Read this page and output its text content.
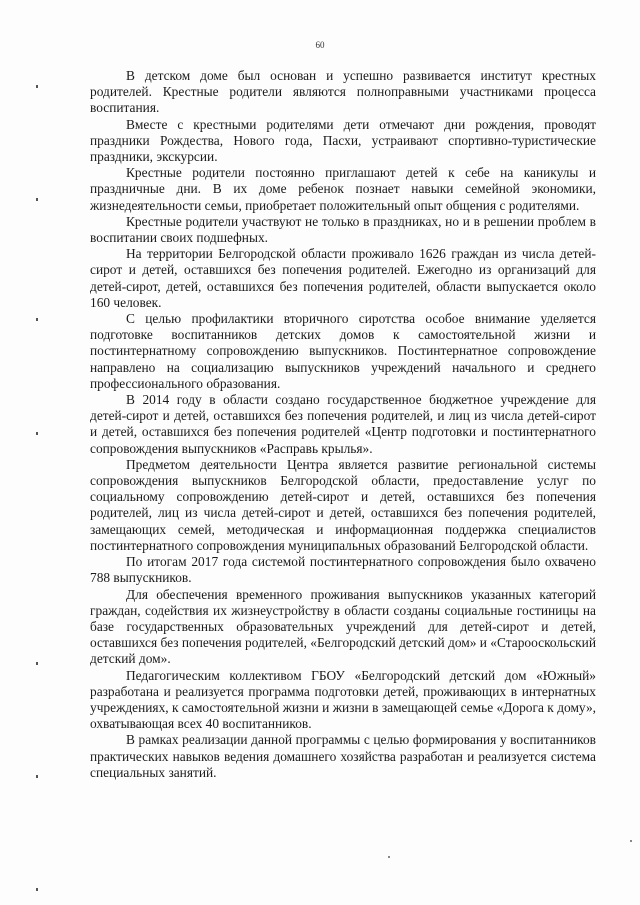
60

В детском доме был основан и успешно развивается институт крестных родителей. Крестные родители являются полноправными участниками процесса воспитания.

Вместе с крестными родителями дети отмечают дни рождения, проводят праздники Рождества, Нового года, Пасхи, устраивают спортивно-туристические праздники, экскурсии.

Крестные родители постоянно приглашают детей к себе на каникулы и праздничные дни. В их доме ребенок познает навыки семейной экономики, жизнедеятельности семьи, приобретает положительный опыт общения с родителями.

Крестные родители участвуют не только в праздниках, но и в решении проблем в воспитании своих подшефных.

На территории Белгородской области проживало 1626 граждан из числа детей-сирот и детей, оставшихся без попечения родителей. Ежегодно из организаций для детей-сирот, детей, оставшихся без попечения родителей, области выпускается около 160 человек.

С целью профилактики вторичного сиротства особое внимание уделяется подготовке воспитанников детских домов к самостоятельной жизни и постинтернатному сопровождению выпускников. Постинтернатное сопровождение направлено на социализацию выпускников учреждений начального и среднего профессионального образования.

В 2014 году в области создано государственное бюджетное учреждение для детей-сирот и детей, оставшихся без попечения родителей, и лиц из числа детей-сирот и детей, оставшихся без попечения родителей «Центр подготовки и постинтернатного сопровождения выпускников «Расправь крылья».

Предметом деятельности Центра является развитие региональной системы сопровождения выпускников Белгородской области, предоставление услуг по социальному сопровождению детей-сирот и детей, оставшихся без попечения родителей, лиц из числа детей-сирот и детей, оставшихся без попечения родителей, замещающих семей, методическая и информационная поддержка специалистов постинтернатного сопровождения муниципальных образований Белгородской области.

По итогам 2017 года системой постинтернатного сопровождения было охвачено 788 выпускников.

Для обеспечения временного проживания выпускников указанных категорий граждан, содействия их жизнеустройству в области созданы социальные гостиницы на базе государственных образовательных учреждений для детей-сирот и детей, оставшихся без попечения родителей, «Белгородский детский дом» и «Старооскольский детский дом».

Педагогическим коллективом ГБОУ «Белгородский детский дом «Южный» разработана и реализуется программа подготовки детей, проживающих в интернатных учреждениях, к самостоятельной жизни и жизни в замещающей семье «Дорога к дому», охватывающая всех 40 воспитанников.

В рамках реализации данной программы с целью формирования у воспитанников практических навыков ведения домашнего хозяйства разработан и реализуется система специальных занятий.
